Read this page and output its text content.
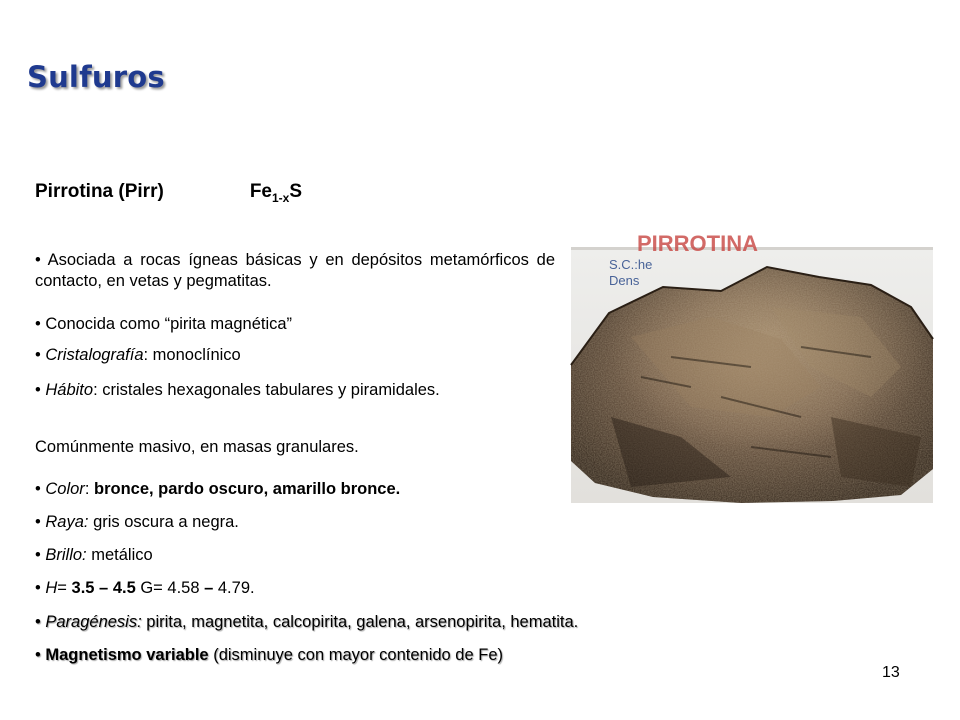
Sulfuros
Pirrotina (Pirr)	$Fe_{1-x}S$
• Asociada a rocas ígneas básicas y en depósitos metamórficos de contacto, en vetas y pegmatitas.
• Conocida como “pirita magnética”
• Cristalografía: monoclínico
• Hábito: cristales hexagonales tabulares y piramidales.
Comúnmente masivo, en masas granulares.
• Color: bronce, pardo oscuro, amarillo bronce.
• Raya: gris oscura a negra.
• Brillo: metálico
• H= 3.5 – 4.5 G= 4.58 – 4.79.
• Paragénesis: pirita, magnetita, calcopirita, galena, arsenopirita, hematita.
• Magnetismo variable (disminuye con mayor contenido de Fe)
PIRROTINA
S.C.:he
Dens
13
